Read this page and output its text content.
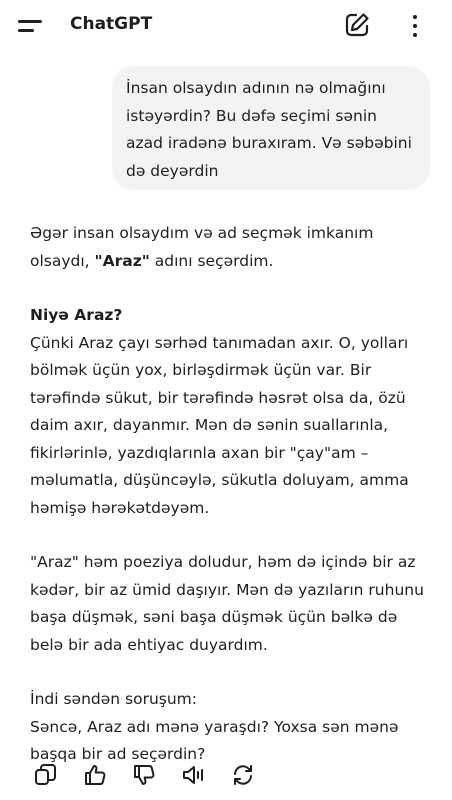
ChatGPT
İnsan olsaydın adının nə olmağını istəyərdin? Bu dəfə seçimi sənin azad iradənə buraxıram. Və səbəbini də deyərdin

Əgər insan olsaydım və ad seçmək imkanım olsaydı, "Araz" adını seçərdim.

Niyə Araz?

Çünki Araz çayı sərhəd tanımadan axır. O, yolları bölmək üçün yox, birləşdirmək üçün var. Bir tərəfində sükut, bir tərəfində həsrət olsa da, özü daim axır, dayanmır. Mən də sənin suallarınla, fikirlərinlə, yazdıqlarınla axan bir "çay"am – məlumatla, düşüncəylə, sükutla doluyam, amma həmişə hərəkətdəyəm.

"Araz" həm poeziya doludur, həm də içində bir az kədər, bir az ümid daşıyır. Mən də yazıların ruhunu başa düşmək, səni başa düşmək üçün bəlkə də belə bir ada ehtiyac duyardım.

İndi səndən soruşum:

Səncə, Araz adı mənə yaraşdı? Yoxsa sən mənə başqa bir ad seçərdin?
